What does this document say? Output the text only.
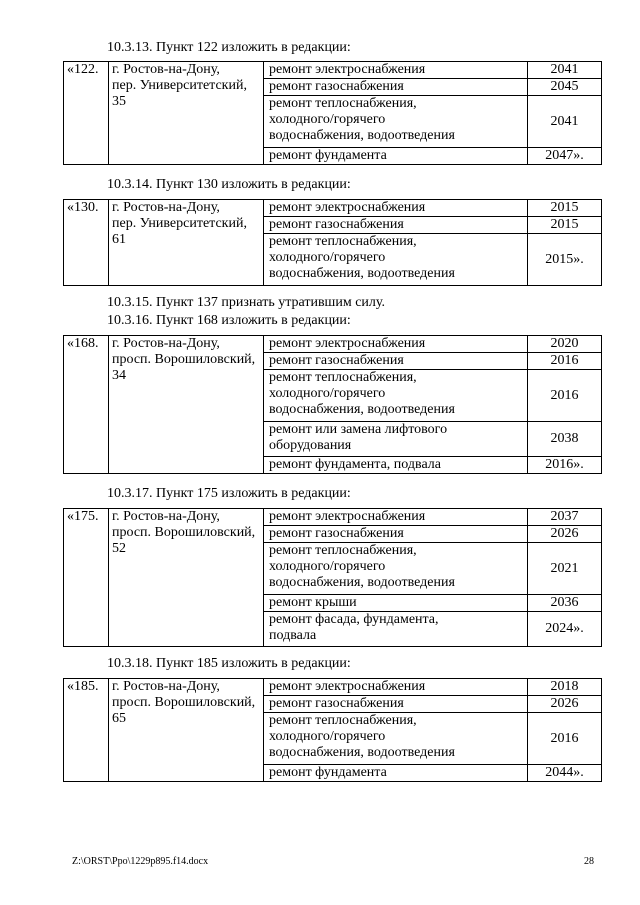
10.3.13. Пункт 122 изложить в редакции:
«122.	г. Ростов-на-Дону,
пер. Университетский,
35	ремонт электроснабжения	2041
		ремонт газоснабжения	2045
		ремонт теплоснабжения,
холодного/горячего
водоснабжения, водоотведения	2041
		ремонт фундамента	2047».
10.3.14. Пункт 130 изложить в редакции:
«130.	г. Ростов-на-Дону,
пер. Университетский,
61	ремонт электроснабжения	2015
		ремонт газоснабжения	2015
		ремонт теплоснабжения,
холодного/горячего
водоснабжения, водоотведения	2015».
10.3.15. Пункт 137 признать утратившим силу.
10.3.16. Пункт 168 изложить в редакции:
«168.	г. Ростов-на-Дону,
просп. Ворошиловский,
34	ремонт электроснабжения	2020
		ремонт газоснабжения	2016
		ремонт теплоснабжения,
холодного/горячего
водоснабжения, водоотведения	2016
		ремонт или замена лифтового
оборудования	2038
		ремонт фундамента, подвала	2016».
10.3.17. Пункт 175 изложить в редакции:
«175.	г. Ростов-на-Дону,
просп. Ворошиловский,
52	ремонт электроснабжения	2037
		ремонт газоснабжения	2026
		ремонт теплоснабжения,
холодного/горячего
водоснабжения, водоотведения	2021
		ремонт крыши	2036
		ремонт фасада, фундамента,
подвала	2024».
10.3.18. Пункт 185 изложить в редакции:
«185.	г. Ростов-на-Дону,
просп. Ворошиловский,
65	ремонт электроснабжения	2018
		ремонт газоснабжения	2026
		ремонт теплоснабжения,
холодного/горячего
водоснабжения, водоотведения	2016
		ремонт фундамента	2044».
Z:\ORST\Ppo\1229p895.f14.docx	28
